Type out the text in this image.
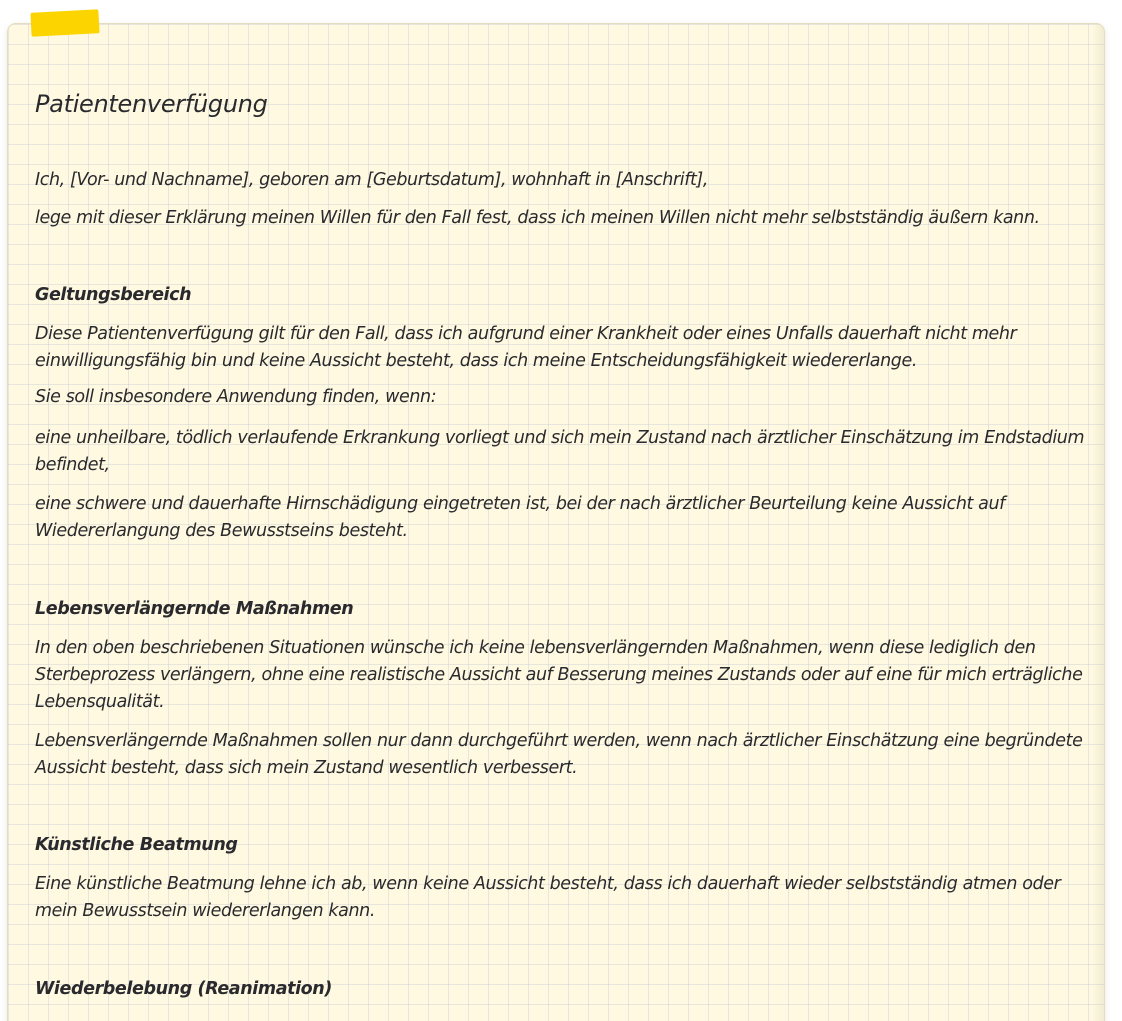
Patientenverfügung

Ich, [Vor- und Nachname], geboren am [Geburtsdatum], wohnhaft in [Anschrift],

lege mit dieser Erklärung meinen Willen für den Fall fest, dass ich meinen Willen nicht mehr selbstständig äußern kann.

Geltungsbereich

Diese Patientenverfügung gilt für den Fall, dass ich aufgrund einer Krankheit oder eines Unfalls dauerhaft nicht mehr einwilligungsfähig bin und keine Aussicht besteht, dass ich meine Entscheidungsfähigkeit wiedererlange.

Sie soll insbesondere Anwendung finden, wenn:

eine unheilbare, tödlich verlaufende Erkrankung vorliegt und sich mein Zustand nach ärztlicher Einschätzung im Endstadium befindet,

eine schwere und dauerhafte Hirnschädigung eingetreten ist, bei der nach ärztlicher Beurteilung keine Aussicht auf Wiedererlangung des Bewusstseins besteht.

Lebensverlängernde Maßnahmen

In den oben beschriebenen Situationen wünsche ich keine lebensverlängernden Maßnahmen, wenn diese lediglich den Sterbeprozess verlängern, ohne eine realistische Aussicht auf Besserung meines Zustands oder auf eine für mich erträgliche Lebensqualität.

Lebensverlängernde Maßnahmen sollen nur dann durchgeführt werden, wenn nach ärztlicher Einschätzung eine begründete Aussicht besteht, dass sich mein Zustand wesentlich verbessert.

Künstliche Beatmung

Eine künstliche Beatmung lehne ich ab, wenn keine Aussicht besteht, dass ich dauerhaft wieder selbstständig atmen oder mein Bewusstsein wiedererlangen kann.

Wiederbelebung (Reanimation)
